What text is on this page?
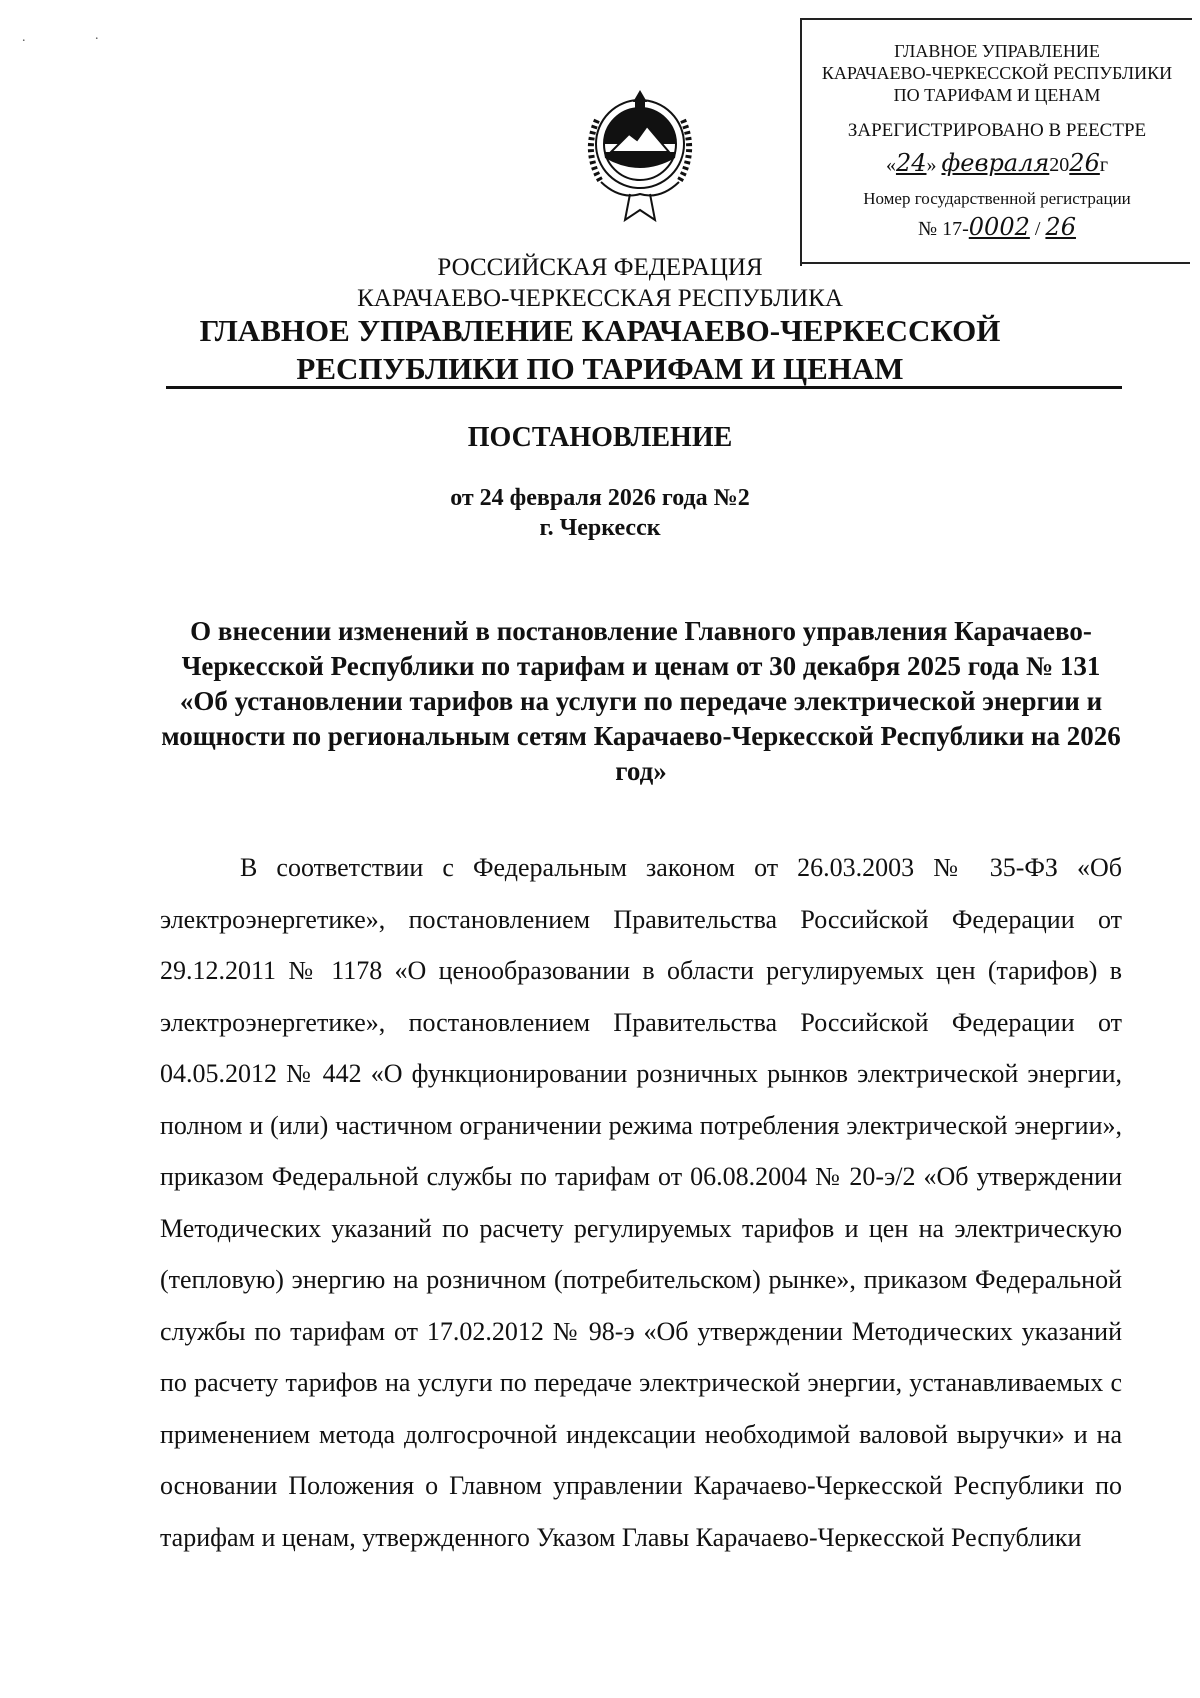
.	.
ГЛАВНОЕ УПРАВЛЕНИЕ
КАРАЧАЕВО-ЧЕРКЕССКОЙ РЕСПУБЛИКИ
ПО ТАРИФАМ И ЦЕНАМ
ЗАРЕГИСТРИРОВАНО В РЕЕСТРЕ
«24» февраля2026г
Номер государственной регистрации
№ 17-0002 / 26
РОССИЙСКАЯ ФЕДЕРАЦИЯ
КАРАЧАЕВО-ЧЕРКЕССКАЯ РЕСПУБЛИКА
ГЛАВНОЕ УПРАВЛЕНИЕ КАРАЧАЕВО-ЧЕРКЕССКОЙ
РЕСПУБЛИКИ ПО ТАРИФАМ И ЦЕНАМ
ПОСТАНОВЛЕНИЕ
от 24 февраля 2026 года №2
г. Черкесск
О внесении изменений в постановление Главного управления Карачаево-Черкесской Республики по тарифам и ценам от 30 декабря 2025 года № 131 «Об установлении тарифов на услуги по передаче электрической энергии и мощности по региональным сетям Карачаево-Черкесской Республики на 2026 год»

В соответствии с Федеральным законом от 26.03.2003 № 35-ФЗ «Об электроэнергетике», постановлением Правительства Российской Федерации от 29.12.2011 № 1178 «О ценообразовании в области регулируемых цен (тарифов) в электроэнергетике», постановлением Правительства Российской Федерации от 04.05.2012 № 442 «О функционировании розничных рынков электрической энергии, полном и (или) частичном ограничении режима потребления электрической энергии», приказом Федеральной службы по тарифам от 06.08.2004 № 20-э/2 «Об утверждении Методических указаний по расчету регулируемых тарифов и цен на электрическую (тепловую) энергию на розничном (потребительском) рынке», приказом Федеральной службы по тарифам от 17.02.2012 № 98-э «Об утверждении Методических указаний по расчету тарифов на услуги по передаче электрической энергии, устанавливаемых с применением метода долгосрочной индексации необходимой валовой выручки» и на основании Положения о Главном управлении Карачаево-Черкесской Республики по тарифам и ценам, утвержденного Указом Главы Карачаево-Черкесской Республики
